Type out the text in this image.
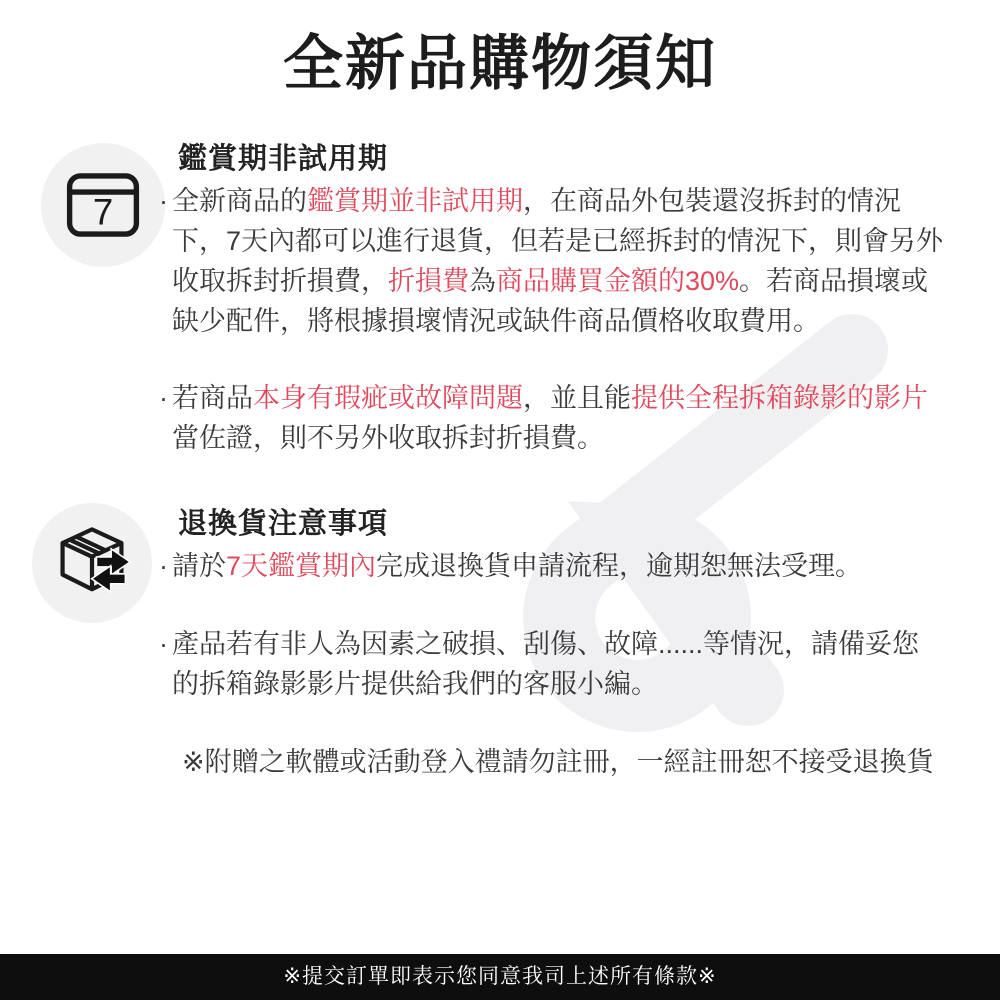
全新品購物須知
7
鑑賞期非試用期
· 全新商品的鑑賞期並非試用期，在商品外包裝還沒拆封的情況下，7天內都可以進行退貨，但若是已經拆封的情況下，則會另外收取拆封折損費，折損費為商品購買金額的30%。若商品損壞或缺少配件，將根據損壞情況或缺件商品價格收取費用。

· 若商品本身有瑕疵或故障問題，並且能提供全程拆箱錄影的影片當佐證，則不另外收取拆封折損費。

退換貨注意事項
· 請於7天鑑賞期內完成退換貨申請流程，逾期恕無法受理。

· 產品若有非人為因素之破損、刮傷、故障......等情況，請備妥您的拆箱錄影影片提供給我們的客服小編。

※附贈之軟體或活動登入禮請勿註冊，一經註冊恕不接受退換貨

※提交訂單即表示您同意我司上述所有條款※
